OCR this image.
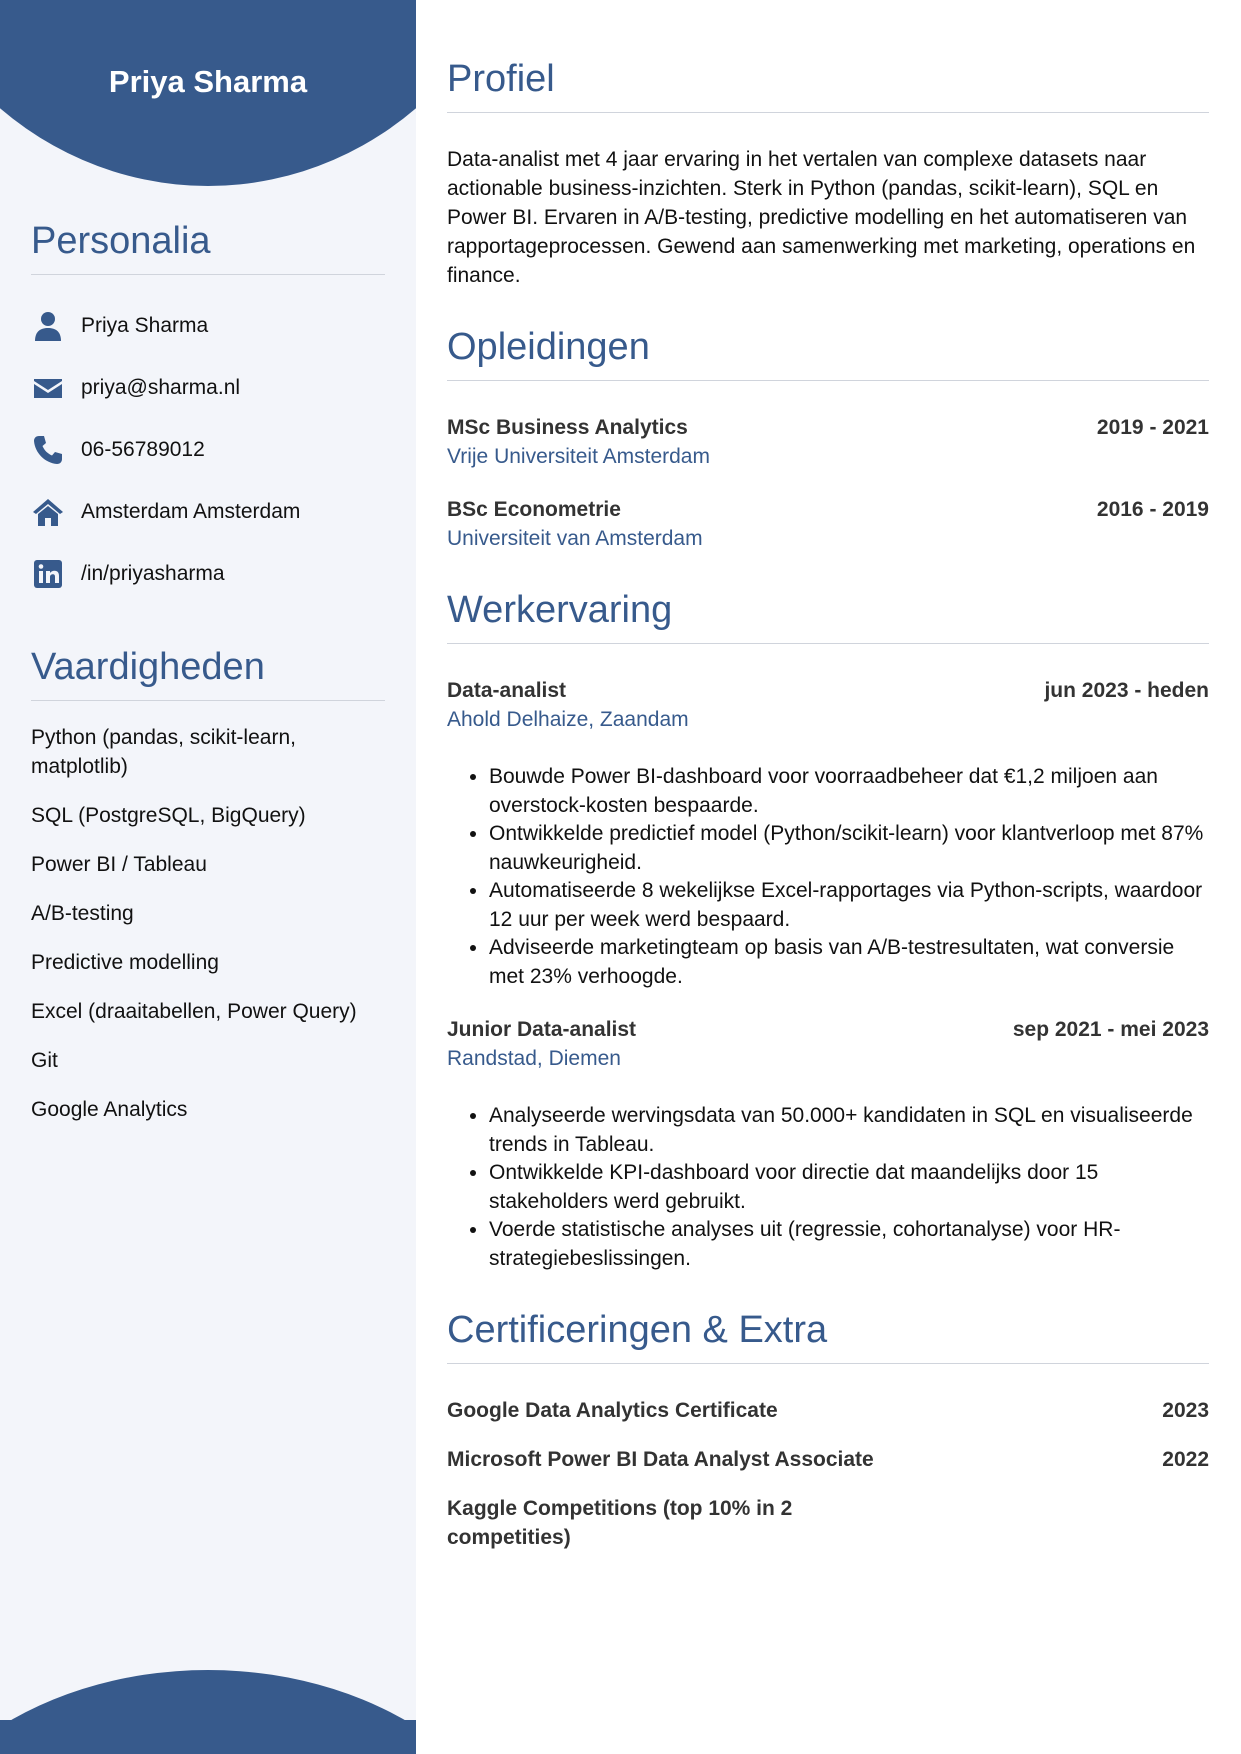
Priya Sharma
Personalia
Priya Sharma
priya@sharma.nl
06-56789012
Amsterdam Amsterdam
/in/priyasharma
Vaardigheden
Python (pandas, scikit-learn, matplotlib)
SQL (PostgreSQL, BigQuery)
Power BI / Tableau
A/B-testing
Predictive modelling
Excel (draaitabellen, Power Query)
Git
Google Analytics
Profiel

Data-analist met 4 jaar ervaring in het vertalen van complexe datasets naar actionable business-inzichten. Sterk in Python (pandas, scikit-learn), SQL en Power BI. Ervaren in A/B-testing, predictive modelling en het automatiseren van rapportageprocessen. Gewend aan samenwerking met marketing, operations en finance.

Opleidingen
MSc Business Analytics	2019 - 2021
Vrije Universiteit Amsterdam
BSc Econometrie	2016 - 2019
Universiteit van Amsterdam
Werkervaring
Data-analist	jun 2023 - heden
Ahold Delhaize, Zaandam
• Bouwde Power BI-dashboard voor voorraadbeheer dat €1,2 miljoen aan overstock-kosten bespaarde.
• Ontwikkelde predictief model (Python/scikit-learn) voor klantverloop met 87% nauwkeurigheid.
• Automatiseerde 8 wekelijkse Excel-rapportages via Python-scripts, waardoor 12 uur per week werd bespaard.
• Adviseerde marketingteam op basis van A/B-testresultaten, wat conversie met 23% verhoogde.
Junior Data-analist	sep 2021 - mei 2023
Randstad, Diemen
• Analyseerde wervingsdata van 50.000+ kandidaten in SQL en visualiseerde trends in Tableau.
• Ontwikkelde KPI-dashboard voor directie dat maandelijks door 15 stakeholders werd gebruikt.
• Voerde statistische analyses uit (regressie, cohortanalyse) voor HR-strategiebeslissingen.
Certificeringen & Extra
Google Data Analytics Certificate	2023
Microsoft Power BI Data Analyst Associate	2022
Kaggle Competitions (top 10% in 2 competities)
